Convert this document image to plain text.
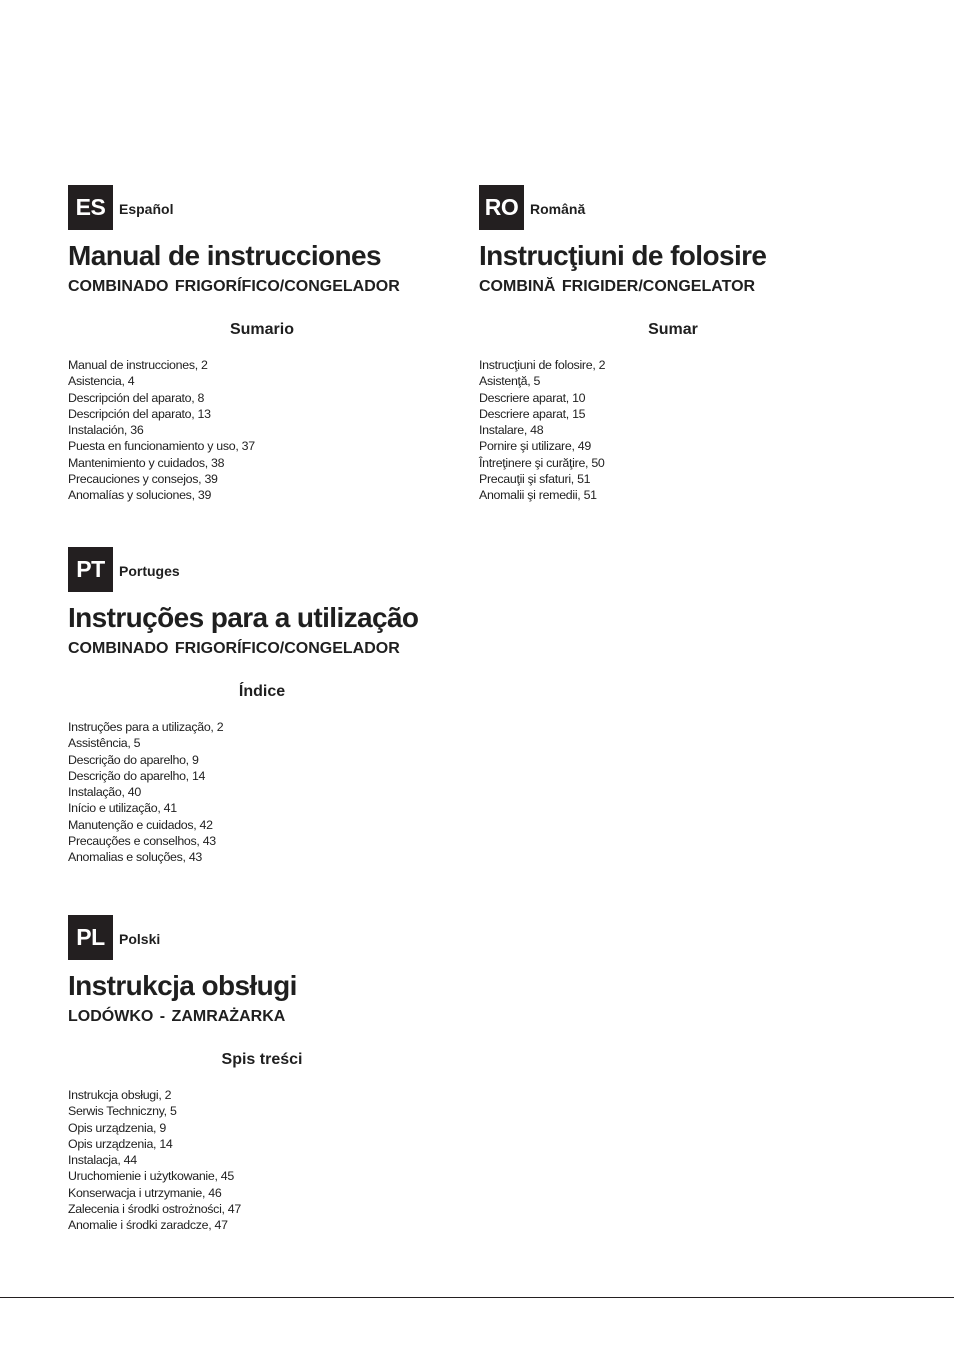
ES Español
Manual de instrucciones
COMBINADO FRIGORÍFICO/CONGELADOR
Sumario
Manual de instrucciones, 2
Asistencia, 4
Descripción del aparato, 8
Descripción del aparato, 13
Instalación, 36
Puesta en funcionamiento y uso, 37
Mantenimiento y cuidados, 38
Precauciones y consejos, 39
Anomalías y soluciones, 39
RO Română
Instrucţiuni de folosire
COMBINĂ FRIGIDER/CONGELATOR
Sumar
Instrucţiuni de folosire, 2
Asistenţă, 5
Descriere aparat, 10
Descriere aparat, 15
Instalare, 48
Pornire şi utilizare, 49
Întreţinere şi curăţire, 50
Precauţii şi sfaturi, 51
Anomalii şi remedii, 51
PT	Portuges
Instruções para a utilização
COMBINADO FRIGORÍFICO/CONGELADOR
Índice
Instruções para a utilização, 2
Assistência, 5
Descrição do aparelho, 9
Descrição do aparelho, 14
Instalação, 40
Início e utilização, 41
Manutenção e cuidados, 42
Precauções e conselhos, 43
Anomalias e soluções, 43
PL	Polski
Instrukcja obsługi
LODÓWKO - ZAMRAŻARKA
Spis treści
Instrukcja obsługi, 2
Serwis Techniczny, 5
Opis urządzenia, 9
Opis urządzenia, 14
Instalacja, 44
Uruchomienie i użytkowanie, 45
Konserwacja i utrzymanie, 46
Zalecenia i środki ostrożności, 47
Anomalie i środki zaradcze, 47
